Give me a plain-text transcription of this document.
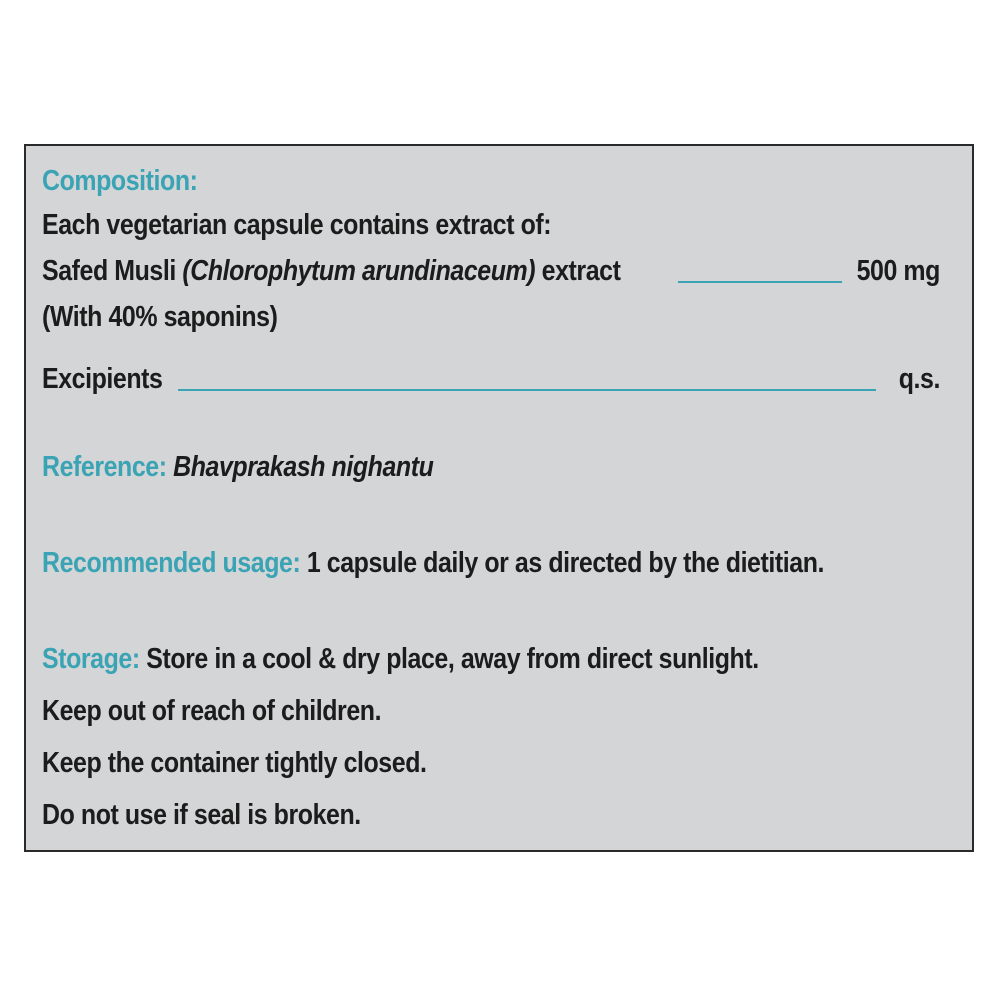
Composition:
Each vegetarian capsule contains extract of:
Safed Musli (Chlorophytum arundinaceum) extract	500 mg
(With 40% saponins)
Excipients	q.s.
Reference: Bhavprakash nighantu
Recommended usage: 1 capsule daily or as directed by the dietitian.
Storage: Store in a cool & dry place, away from direct sunlight.
Keep out of reach of children.
Keep the container tightly closed.
Do not use if seal is broken.
